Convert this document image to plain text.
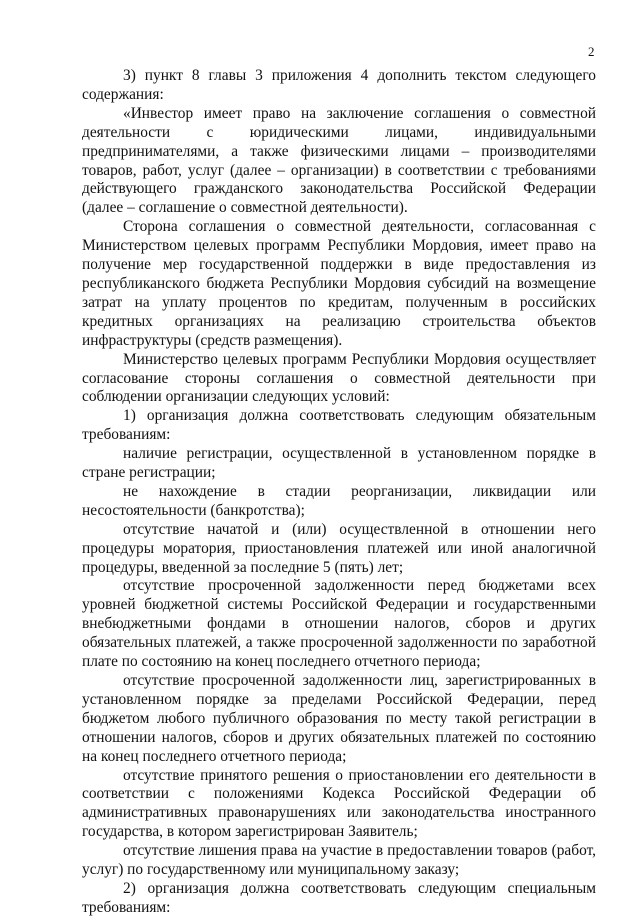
2

3) пункт 8 главы 3 приложения 4 дополнить текстом следующего
содержания:

«Инвестор имеет право на заключение соглашения о совместной
деятельности с юридическими лицами, индивидуальными
предпринимателями, а также физическими лицами – производителями
товаров, работ, услуг (далее – организации) в соответствии с требованиями
действующего гражданского законодательства Российской Федерации
(далее – соглашение о совместной деятельности).

Сторона соглашения о совместной деятельности, согласованная с
Министерством целевых программ Республики Мордовия, имеет право на
получение мер государственной поддержки в виде предоставления из
республиканского бюджета Республики Мордовия субсидий на возмещение
затрат на уплату процентов по кредитам, полученным в российских
кредитных организациях на реализацию строительства объектов
инфраструктуры (средств размещения).

Министерство целевых программ Республики Мордовия осуществляет
согласование стороны соглашения о совместной деятельности при
соблюдении организации следующих условий:

1) организация должна соответствовать следующим обязательным
требованиям:

наличие регистрации, осуществленной в установленном порядке в
стране регистрации;

не нахождение в стадии реорганизации, ликвидации или
несостоятельности (банкротства);

отсутствие начатой и (или) осуществленной в отношении него
процедуры моратория, приостановления платежей или иной аналогичной
процедуры, введенной за последние 5 (пять) лет;

отсутствие просроченной задолженности перед бюджетами всех
уровней бюджетной системы Российской Федерации и государственными
внебюджетными фондами в отношении налогов, сборов и других
обязательных платежей, а также просроченной задолженности по заработной
плате по состоянию на конец последнего отчетного периода;

отсутствие просроченной задолженности лиц, зарегистрированных в
установленном порядке за пределами Российской Федерации, перед
бюджетом любого публичного образования по месту такой регистрации в
отношении налогов, сборов и других обязательных платежей по состоянию
на конец последнего отчетного периода;

отсутствие принятого решения о приостановлении его деятельности в
соответствии с положениями Кодекса Российской Федерации об
административных правонарушениях или законодательства иностранного
государства, в котором зарегистрирован Заявитель;

отсутствие лишения права на участие в предоставлении товаров (работ,
услуг) по государственному или муниципальному заказу;

2) организация должна соответствовать следующим специальным
требованиям:
